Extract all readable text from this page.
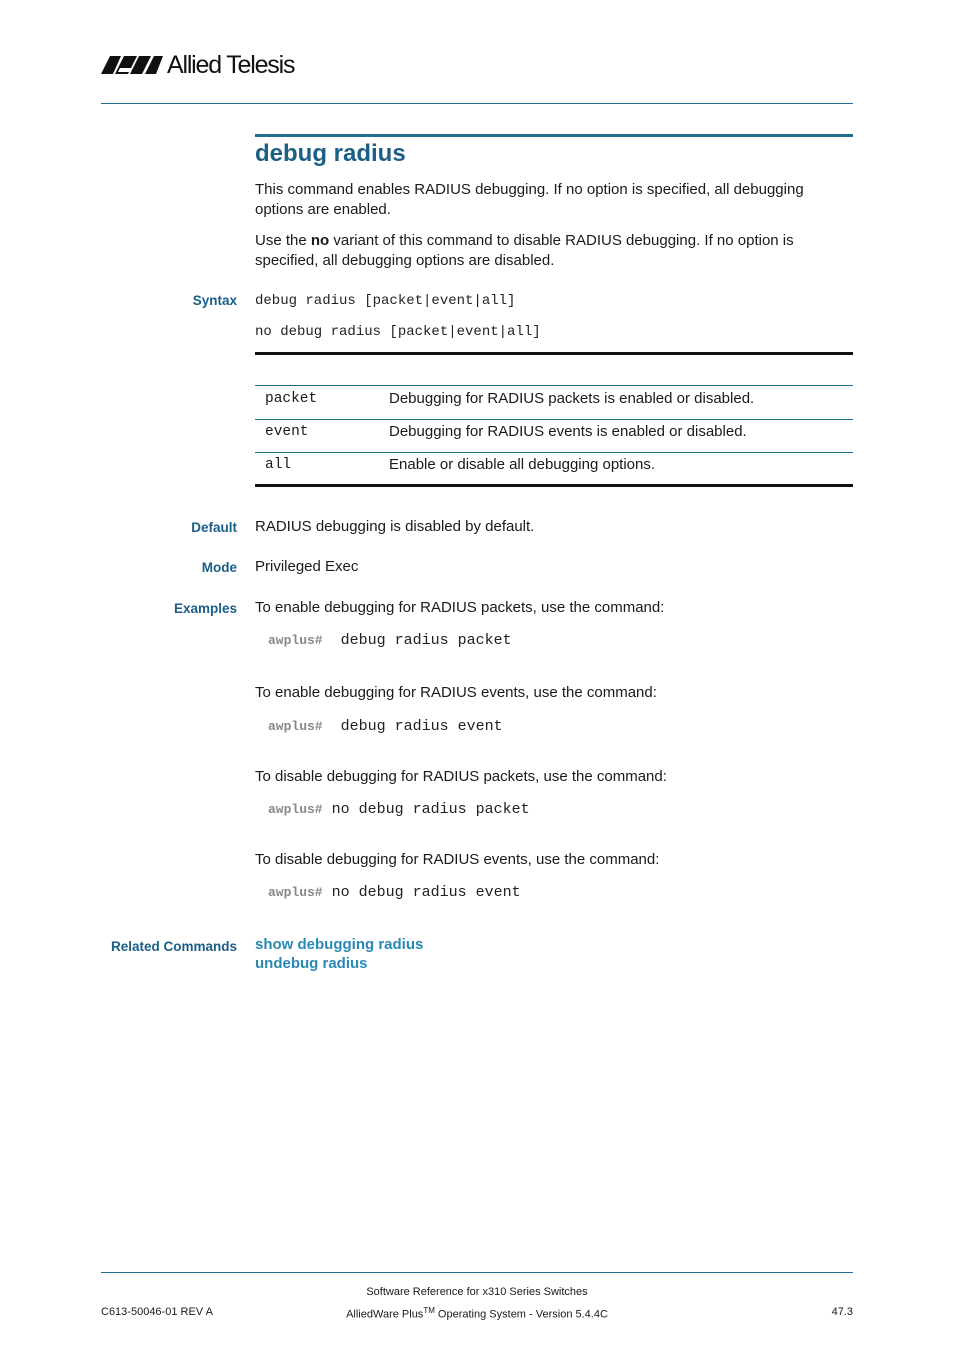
Allied Telesis
debug radius
This command enables RADIUS debugging. If no option is specified, all debugging options are enabled.
Use the no variant of this command to disable RADIUS debugging. If no option is specified, all debugging options are disabled.
Syntax debug radius [packet|event|all]
no debug radius [packet|event|all]
packet	Debugging for RADIUS packets is enabled or disabled.
event	Debugging for RADIUS events is enabled or disabled.
all	Enable or disable all debugging options.
Default RADIUS debugging is disabled by default.
Mode Privileged Exec
Examples To enable debugging for RADIUS packets, use the command:
awplus# debug radius packet
To enable debugging for RADIUS events, use the command:
awplus# debug radius event
To disable debugging for RADIUS packets, use the command:
awplus# no debug radius packet
To disable debugging for RADIUS events, use the command:
awplus# no debug radius event
Related Commands show debugging radius
undebug radius
Software Reference for x310 Series Switches
C613-50046-01 REV A	AlliedWare Plus™ Operating System - Version 5.4.4C	47.3
